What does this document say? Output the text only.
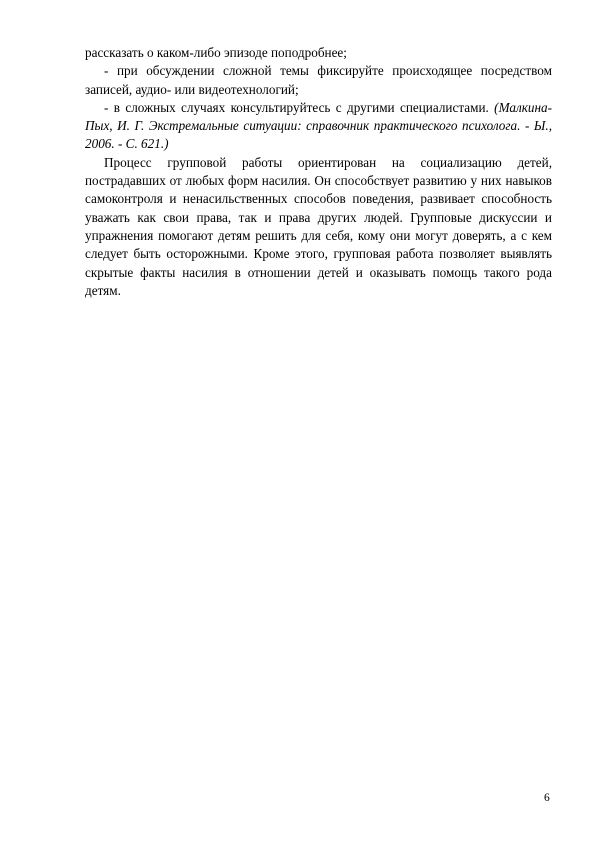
рассказать о каком-либо эпизоде поподробнее;

- при обсуждении сложной темы фиксируйте происходящее посредством записей, аудио- или видеотехнологий;

- в сложных случаях консультируйтесь с другими специалистами. (Малкина-Пых, И. Г. Экстремальные ситуации: справочник практического психолога. - Ы., 2006. - С. 621.)

Процесс групповой работы ориентирован на социализацию детей, пострадавших от любых форм насилия. Он способствует развитию у них навыков самоконтроля и ненасильственных способов поведения, развивает способность уважать как свои права, так и права других людей. Групповые дискуссии и упражнения помогают детям решить для себя, кому они могут доверять, а с кем следует быть осторожными. Кроме этого, групповая работа позволяет выявлять скрытые факты насилия в отношении детей и оказывать помощь такого рода детям.

6
